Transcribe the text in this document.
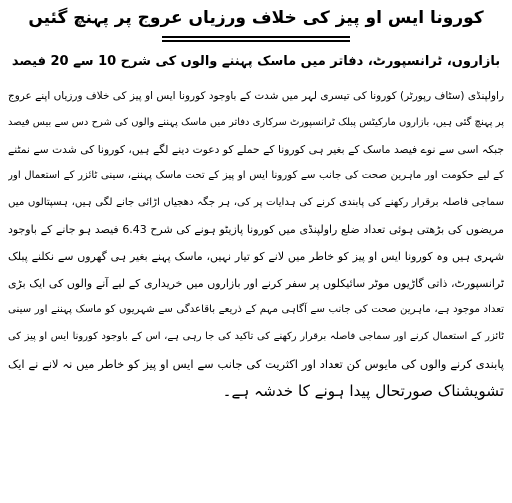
کورونا ایس او پیز کی خلاف ورزیاں عروج پر پہنچ گئیں
بازاروں، ٹرانسپورٹ، دفاتر میں ماسک پہننے والوں کی شرح 10 سے 20 فیصد
راولپنڈی (سٹاف رپورٹر) کورونا کی تیسری لہر میں شدت کے باوجود کورونا ایس او پیز کی خلاف ورزیاں اپنے عروج
پر پہنچ گئی ہیں، بازاروں مارکیٹس پبلک ٹرانسپورٹ سرکاری دفاتر میں ماسک پہننے والوں کی شرح دس سے بیس فیصد
جبکہ اسی سے نوے فیصد ماسک کے بغیر ہی کورونا کے حملے کو دعوت دینے لگے ہیں، کورونا کی شدت سے نمٹنے
کے لیے حکومت اور ماہرین صحت کی جانب سے کورونا ایس او پیز کے تحت ماسک پہننے، سینی ٹائزر کے استعمال اور
سماجی فاصلہ برقرار رکھنے کی پابندی کرنے کی ہدایات پر کی، ہر جگہ دھجیاں اڑائی جانے لگی ہیں، ہسپتالوں میں
مریضوں کی بڑھتی ہوئی تعداد ضلع راولپنڈی میں کورونا پازیٹو ہونے کی شرح 6.43 فیصد ہو جانے کے باوجود
شہری ہیں وہ کورونا ایس او پیز کو خاطر میں لانے کو تیار نہیں، ماسک پہنے بغیر ہی گھروں سے نکلنے پبلک
ٹرانسپورٹ، ذاتی گاڑیوں موٹر سائیکلوں پر سفر کرنے اور بازاروں میں خریداری کے لیے آنے والوں کی ایک بڑی
تعداد موجود ہے، ماہرین صحت کی جانب سے آگاہی مہم کے ذریعے باقاعدگی سے شہریوں کو ماسک پہننے اور سینی
ٹائزر کے استعمال کرنے اور سماجی فاصلہ برقرار رکھنے کی تاکید کی جا رہی ہے، اس کے باوجود کورونا ایس او پیز کی
پابندی کرنے والوں کی مایوس کن تعداد اور اکثریت کی جانب سے ایس او پیز کو خاطر میں نہ لانے نے ایک
تشویشناک صورتحال پیدا ہونے کا خدشہ ہے۔
